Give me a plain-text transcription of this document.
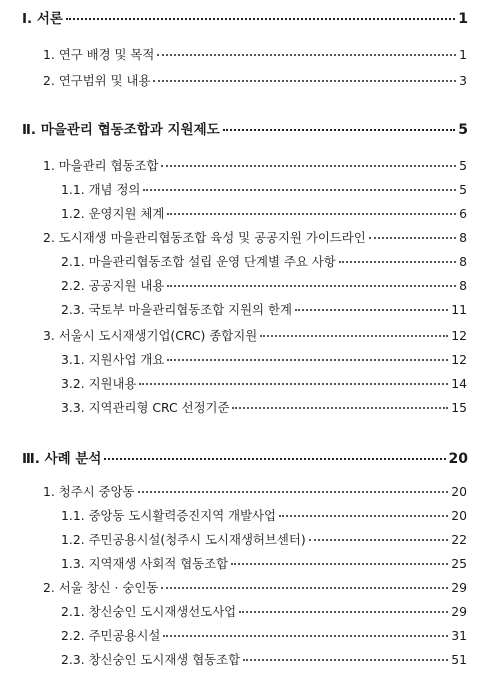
Ⅰ. 서론	1
1. 연구 배경 및 목적	1
2. 연구범위 및 내용	3
Ⅱ. 마을관리 협동조합과 지원제도	5
1. 마을관리 협동조합	5
1.1. 개념 정의	5
1.2. 운영지원 체계	6
2. 도시재생 마을관리협동조합 육성 및 공공지원 가이드라인	8
2.1. 마을관리협동조합 설립 운영 단계별 주요 사항	8
2.2. 공공지원 내용	8
2.3. 국토부 마을관리협동조합 지원의 한계	11
3. 서울시 도시재생기업(CRC) 종합지원	12
3.1. 지원사업 개요	12
3.2. 지원내용	14
3.3. 지역관리형 CRC 선정기준	15
Ⅲ. 사례 분석	20
1. 청주시 중앙동	20
1.1. 중앙동 도시활력증진지역 개발사업	20
1.2. 주민공용시설(청주시 도시재생허브센터)	22
1.3. 지역재생 사회적 협동조합	25
2. 서울 창신 · 숭인동	29
2.1. 창신숭인 도시재생선도사업	29
2.2. 주민공용시설	31
2.3. 창신숭인 도시재생 협동조합	51
